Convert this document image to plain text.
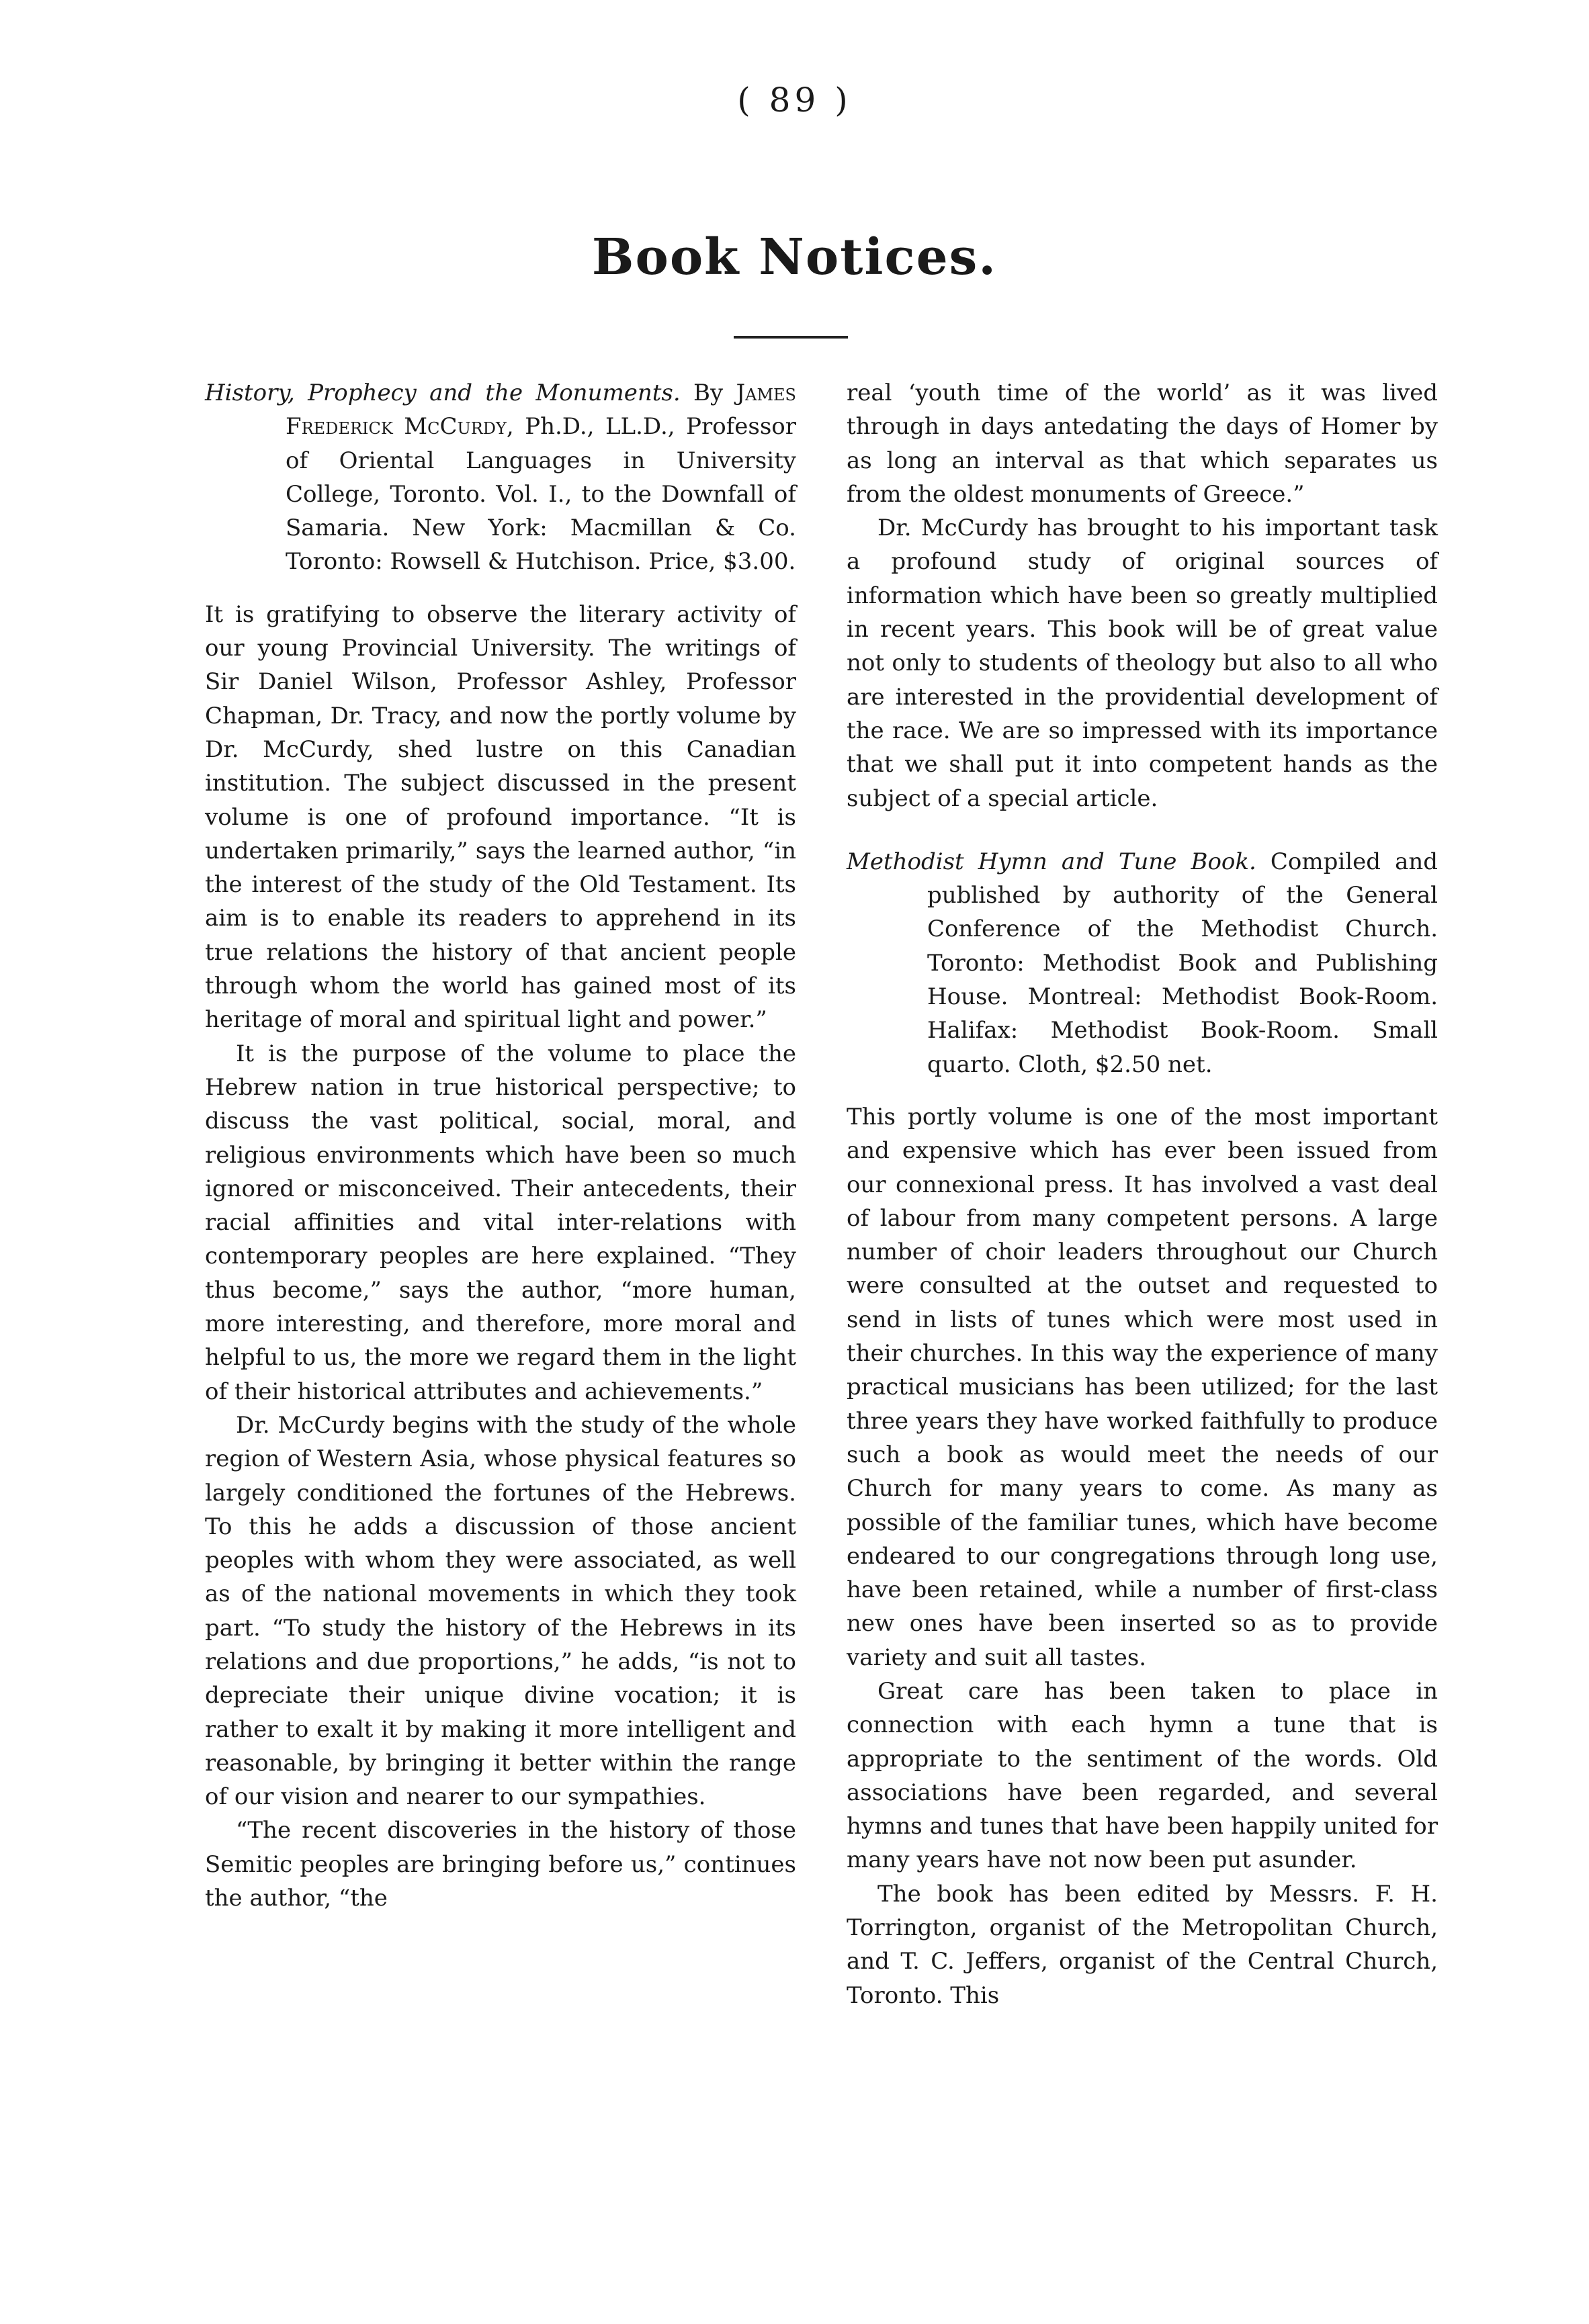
( 89 )
Book Notices.

History, Prophecy and the Monuments. By James Frederick McCurdy, Ph.D., LL.D., Professor of Oriental Languages in University College, Toronto. Vol. I., to the Downfall of Samaria. New York: Macmillan & Co. Toronto: Rowsell & Hutchison. Price, $3.00.

It is gratifying to observe the literary activity of our young Provincial University. The writings of Sir Daniel Wilson, Professor Ashley, Professor Chapman, Dr. Tracy, and now the portly volume by Dr. McCurdy, shed lustre on this Canadian institution. The subject discussed in the present volume is one of profound importance. “It is undertaken primarily,” says the learned author, “in the interest of the study of the Old Testament. Its aim is to enable its readers to apprehend in its true relations the history of that ancient people through whom the world has gained most of its heritage of moral and spiritual light and power.”

It is the purpose of the volume to place the Hebrew nation in true historical perspective; to discuss the vast political, social, moral, and religious environments which have been so much ignored or misconceived. Their antecedents, their racial affinities and vital inter-relations with contemporary peoples are here explained. “They thus become,” says the author, “more human, more interesting, and therefore, more moral and helpful to us, the more we regard them in the light of their historical attributes and achievements.”

Dr. McCurdy begins with the study of the whole region of Western Asia, whose physical features so largely conditioned the fortunes of the Hebrews. To this he adds a discussion of those ancient peoples with whom they were associated, as well as of the national movements in which they took part. “To study the history of the Hebrews in its relations and due proportions,” he adds, “is not to depreciate their unique divine vocation; it is rather to exalt it by making it more intelligent and reasonable, by bringing it better within the range of our vision and nearer to our sympathies.

“The recent discoveries in the history of those Semitic peoples are bringing before us,” continues the author, “the

real ‘youth time of the world’ as it was lived through in days antedating the days of Homer by as long an interval as that which separates us from the oldest monuments of Greece.”

Dr. McCurdy has brought to his important task a profound study of original sources of information which have been so greatly multiplied in recent years. This book will be of great value not only to students of theology but also to all who are interested in the providential development of the race. We are so impressed with its importance that we shall put it into competent hands as the subject of a special article.

Methodist Hymn and Tune Book. Compiled and published by authority of the General Conference of the Methodist Church. Toronto: Methodist Book and Publishing House. Montreal: Methodist Book-Room. Halifax: Methodist Book-Room. Small quarto. Cloth, $2.50 net.

This portly volume is one of the most important and expensive which has ever been issued from our connexional press. It has involved a vast deal of labour from many competent persons. A large number of choir leaders throughout our Church were consulted at the outset and requested to send in lists of tunes which were most used in their churches. In this way the experience of many practical musicians has been utilized; for the last three years they have worked faithfully to produce such a book as would meet the needs of our Church for many years to come. As many as possible of the familiar tunes, which have become endeared to our congregations through long use, have been retained, while a number of first-class new ones have been inserted so as to provide variety and suit all tastes.

Great care has been taken to place in connection with each hymn a tune that is appropriate to the sentiment of the words. Old associations have been regarded, and several hymns and tunes that have been happily united for many years have not now been put asunder.

The book has been edited by Messrs. F. H. Torrington, organist of the Metropolitan Church, and T. C. Jeffers, organist of the Central Church, Toronto. This
